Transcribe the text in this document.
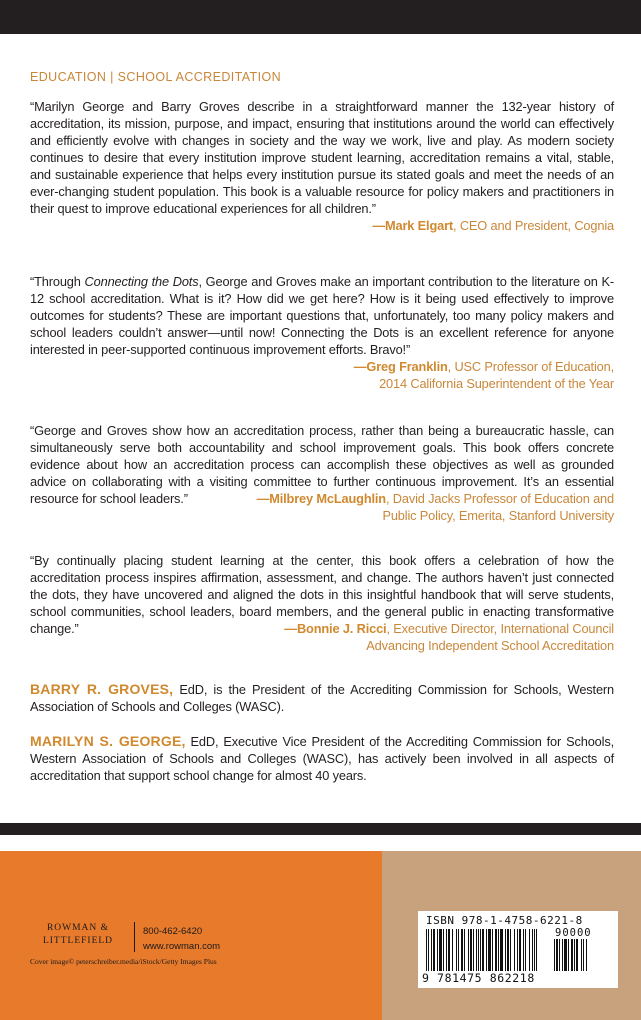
EDUCATION | SCHOOL ACCREDITATION
“Marilyn George and Barry Groves describe in a straightforward manner the 132-year history of accreditation, its mission, purpose, and impact, ensuring that institutions around the world can effectively and efficiently evolve with changes in society and the way we work, live and play. As modern society continues to desire that every institution improve student learning, accreditation remains a vital, stable, and sustainable experience that helps every institution pursue its stated goals and meet the needs of an ever-changing student population. This book is a valuable resource for policy makers and practitioners in their quest to improve educational experiences for all children.”
—Mark Elgart, CEO and President, Cognia
“Through Connecting the Dots, George and Groves make an important contribution to the literature on K-12 school accreditation. What is it? How did we get here? How is it being used effectively to improve outcomes for students? These are important questions that, unfortunately, too many policy makers and school leaders couldn’t answer—until now! Connecting the Dots is an excellent reference for anyone interested in peer-supported continuous improvement efforts. Bravo!”
—Greg Franklin, USC Professor of Education,
2014 California Superintendent of the Year
“George and Groves show how an accreditation process, rather than being a bureaucratic hassle, can simultaneously serve both accountability and school improvement goals. This book offers concrete evidence about how an accreditation process can accomplish these objectives as well as grounded advice on collaborating with a visiting committee to further continuous improvement. It’s an essential resource for school leaders.”	—Milbrey McLaughlin, David Jacks Professor of Education and
Public Policy, Emerita, Stanford University
“By continually placing student learning at the center, this book offers a celebration of how the accreditation process inspires affirmation, assessment, and change. The authors haven’t just connected the dots, they have uncovered and aligned the dots in this insightful handbook that will serve students, school communities, school leaders, board members, and the general public in enacting transformative change.”	—Bonnie J. Ricci, Executive Director, International Council
Advancing Independent School Accreditation
BARRY R. GROVES, EdD, is the President of the Accrediting Commission for Schools, Western Association of Schools and Colleges (WASC).
MARILYN S. GEORGE, EdD, Executive Vice President of the Accrediting Commission for Schools, Western Association of Schools and Colleges (WASC), has actively been involved in all aspects of accreditation that support school change for almost 40 years.
ROWMAN &
LITTLEFIELD
800-462-6420
www.rowman.com
Cover image© peterschreiber.media/iStock/Getty Images Plus
ISBN 978-1-4758-6221-8
90000
9 781475 862218
